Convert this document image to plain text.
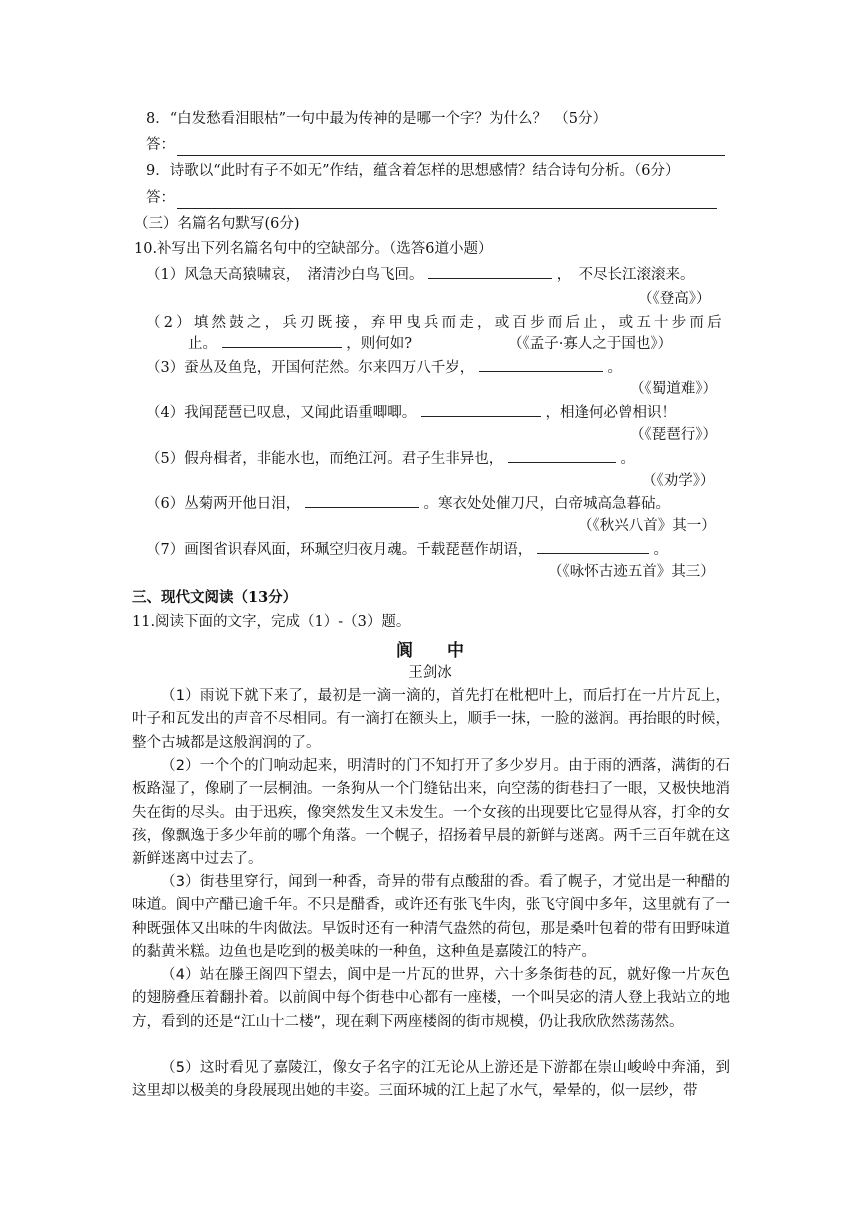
8．“白发愁看泪眼枯”一句中最为传神的是哪一个字？为什么？　（5分）
答：
9．诗歌以“此时有子不如无”作结，蕴含着怎样的思想感情？结合诗句分析。（6分）
答：
（三）名篇名句默写(6分)
10.补写出下列名篇名句中的空缺部分。（选答6道小题）
（1）风急天高猿啸哀，　渚清沙白鸟飞回。	，　不尽长江滚滚来。
（《登高》）
（2）填然鼓之，兵刃既接，弃甲曳兵而走，或百步而后止，或五十步而后
止。	，则何如?	（《孟子·寡人之于国也》）
（3）蚕丛及鱼凫，开国何茫然。尔来四万八千岁，	。
（《蜀道难》）
（4）我闻琵琶已叹息，又闻此语重唧唧。	，相逢何必曾相识！
（《琵琶行》）
（5）假舟楫者，非能水也，而绝江河。君子生非异也，	。
（《劝学》）
（6）丛菊两开他日泪，	。寒衣处处催刀尺，白帝城高急暮砧。
（《秋兴八首》其一）
（7）画图省识春风面，环珮空归夜月魂。千载琵琶作胡语，	。
（《咏怀古迹五首》其三）
三、现代文阅读（13分）
11.阅读下面的文字，完成（1）-（3）题。
阆　　中
王剑冰
（1）雨说下就下来了，最初是一滴一滴的，首先打在枇杷叶上，而后打在一片片瓦上，叶子和瓦发出的声音不尽相同。有一滴打在额头上，顺手一抹，一脸的滋润。再抬眼的时候，整个古城都是这般润润的了。
（2）一个个的门响动起来，明清时的门不知打开了多少岁月。由于雨的洒落，满街的石板路湿了，像刷了一层桐油。一条狗从一个门缝钻出来，向空荡的街巷扫了一眼，又极快地消失在街的尽头。由于迅疾，像突然发生又未发生。一个女孩的出现要比它显得从容，打伞的女孩，像飘逸于多少年前的哪个角落。一个幌子，招扬着早晨的新鲜与迷离。两千三百年就在这新鲜迷离中过去了。
（3）街巷里穿行，闻到一种香，奇异的带有点酸甜的香。看了幌子，才觉出是一种醋的味道。阆中产醋已逾千年。不只是醋香，或许还有张飞牛肉，张飞守阆中多年，这里就有了一种既强体又出味的牛肉做法。早饭时还有一种清气盎然的荷包，那是桑叶包着的带有田野味道的黏黄米糕。边鱼也是吃到的极美味的一种鱼，这种鱼是嘉陵江的特产。
（4）站在滕王阁四下望去，阆中是一片瓦的世界，六十多条街巷的瓦，就好像一片灰色的翅膀叠压着翻扑着。以前阆中每个街巷中心都有一座楼，一个叫吴宓的清人登上我站立的地方，看到的还是“江山十二楼”，现在剩下两座楼阁的街市规模，仍让我欣欣然荡荡然。
（5）这时看见了嘉陵江，像女子名字的江无论从上游还是下游都在崇山峻岭中奔涌，到这里却以极美的身段展现出她的丰姿。三面环城的江上起了水气，晕晕的，似一层纱，带
